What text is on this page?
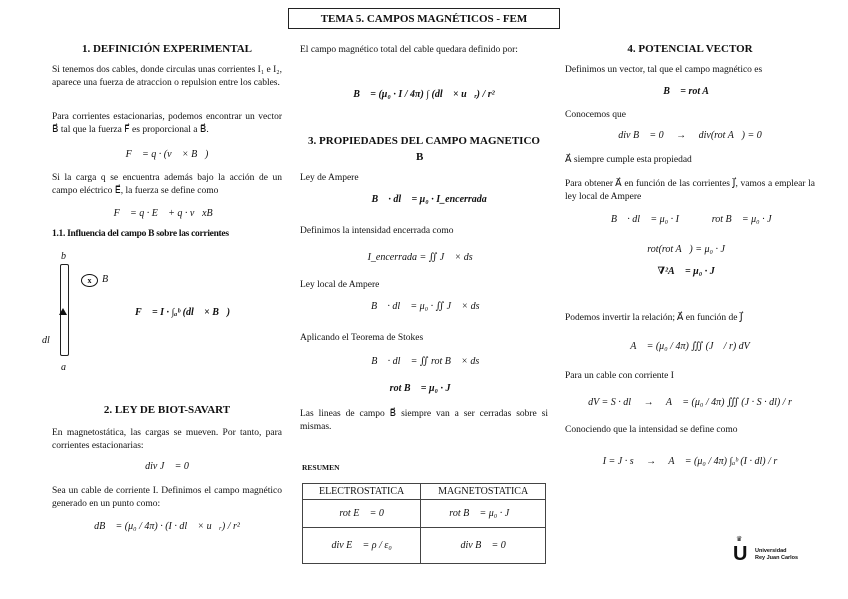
TEMA 5. CAMPOS MAGNÉTICOS - FEM
1. DEFINICIÓN EXPERIMENTAL
Si tenemos dos cables, donde circulas unas corrientes I₁ e I₂, aparece una fuerza de atraccion o repulsion entre los cables.
Para corrientes estacionarias, podemos encontrar un vector B⃗ tal que la fuerza F⃗ es proporcional a B⃗.
F⃗ = q · (v⃗ × B⃗)
Si la carga q se encuentra además bajo la acción de un campo eléctrico E⃗, la fuerza se define como
F⃗ = q · E⃗ + q · v⃗xB⃗
1.1. Influencia del campo B sobre las corrientes
b
x	B⃗
dl⃗
a
F⃗ = I · ∫ₐᵇ (dl⃗ × B⃗)
2. LEY DE BIOT-SAVART
En magnetostática, las cargas se mueven. Por tanto, para corrientes estacionarias:
div J⃗ = 0
Sea un cable de corriente I. Definimos el campo magnético generado en un punto como:
dB⃗ = (μ₀ / 4π) · (I · dl⃗ × u⃗ᵣ) / r²
El campo magnético total del cable quedara definido por:
B⃗ = (μ₀ · I / 4π) ∫ (dl⃗ × u⃗ᵣ) / r²
3. PROPIEDADES DEL CAMPO MAGNETICO B⃗
Ley de Ampere
∮ B⃗ · dl⃗ = μ₀ · I_encerrada
Definimos la intensidad encerrada como
I_encerrada = ∬ J⃗ × ds⃗
Ley local de Ampere
∮ B⃗ · dl⃗ = μ₀ · ∬ J⃗ × ds⃗
Aplicando el Teorema de Stokes
∮ B⃗ · dl⃗ = ∬ rot B⃗ × ds⃗
rot B⃗ = μ₀ · J⃗
Las lineas de campo B⃗ siempre van a ser cerradas sobre si mismas.
RESUMEN
ELECTROSTATICA	MAGNETOSTATICA
rot E⃗ = 0	rot B⃗ = μ₀ · J⃗
div E⃗ = ρ / ε₀	div B⃗ = 0
4. POTENCIAL VECTOR
Definimos un vector, tal que el campo magnético es
B⃗ = rot A⃗
Conocemos que
div B⃗ = 0     →     div(rot A⃗) = 0
A⃗ siempre cumple esta propiedad
Para obtener A⃗ en función de las corrientes J⃗, vamos a emplear la ley local de Ampere
∮ B⃗ · dl⃗ = μ₀ · I     ∴     rot B⃗ = μ₀ · J⃗
rot(rot A⃗) = μ₀ · J⃗
∇²A⃗ = μ₀ · J⃗
Podemos invertir la relación; A⃗ en función de J⃗
A⃗ = (μ₀ / 4π) ∭ (J⃗ / r) dV
Para un cable con corriente I
dV = S · dl     →     A⃗ = (μ₀ / 4π) ∭ (J · S · dl) / r
Conociendo que la intensidad se define como
I = J · s     →     A⃗ = (μ₀ / 4π) ∫ₐᵇ (I · dl) / r
♛
U Universidad
Rey Juan Carlos
